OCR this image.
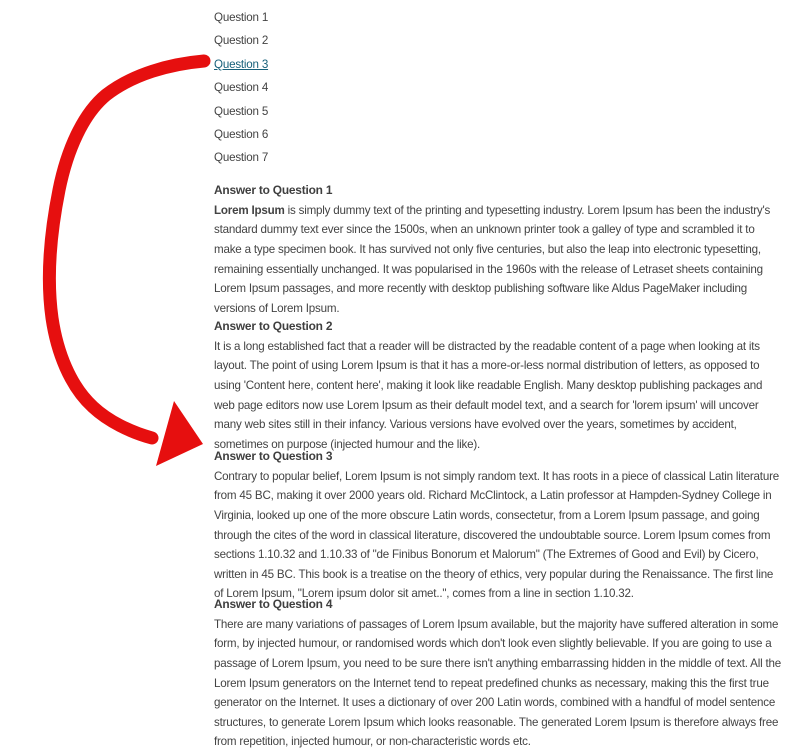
Question 1
Question 2
Question 3
Question 4
Question 5
Question 6
Question 7
Answer to Question 1

Lorem Ipsum is simply dummy text of the printing and typesetting industry. Lorem Ipsum has been the industry's standard dummy text ever since the 1500s, when an unknown printer took a galley of type and scrambled it to make a type specimen book. It has survived not only five centuries, but also the leap into electronic typesetting, remaining essentially unchanged. It was popularised in the 1960s with the release of Letraset sheets containing Lorem Ipsum passages, and more recently with desktop publishing software like Aldus PageMaker including versions of Lorem Ipsum.

Answer to Question 2

It is a long established fact that a reader will be distracted by the readable content of a page when looking at its layout. The point of using Lorem Ipsum is that it has a more-or-less normal distribution of letters, as opposed to using 'Content here, content here', making it look like readable English. Many desktop publishing packages and web page editors now use Lorem Ipsum as their default model text, and a search for 'lorem ipsum' will uncover many web sites still in their infancy. Various versions have evolved over the years, sometimes by accident, sometimes on purpose (injected humour and the like).

Answer to Question 3

Contrary to popular belief, Lorem Ipsum is not simply random text. It has roots in a piece of classical Latin literature from 45 BC, making it over 2000 years old. Richard McClintock, a Latin professor at Hampden-Sydney College in Virginia, looked up one of the more obscure Latin words, consectetur, from a Lorem Ipsum passage, and going through the cites of the word in classical literature, discovered the undoubtable source. Lorem Ipsum comes from sections 1.10.32 and 1.10.33 of "de Finibus Bonorum et Malorum" (The Extremes of Good and Evil) by Cicero, written in 45 BC. This book is a treatise on the theory of ethics, very popular during the Renaissance. The first line of Lorem Ipsum, "Lorem ipsum dolor sit amet..", comes from a line in section 1.10.32.

Answer to Question 4

There are many variations of passages of Lorem Ipsum available, but the majority have suffered alteration in some form, by injected humour, or randomised words which don't look even slightly believable. If you are going to use a passage of Lorem Ipsum, you need to be sure there isn't anything embarrassing hidden in the middle of text. All the Lorem Ipsum generators on the Internet tend to repeat predefined chunks as necessary, making this the first true generator on the Internet. It uses a dictionary of over 200 Latin words, combined with a handful of model sentence structures, to generate Lorem Ipsum which looks reasonable. The generated Lorem Ipsum is therefore always free from repetition, injected humour, or non-characteristic words etc.
